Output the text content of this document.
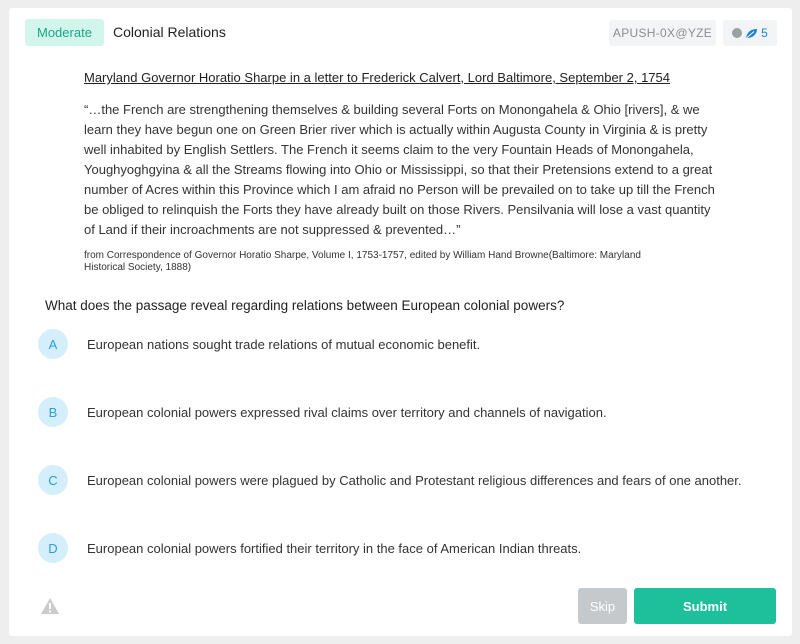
Moderate	Colonial Relations	APUSH-0X@YZE	5
Maryland Governor Horatio Sharpe in a letter to Frederick Calvert, Lord Baltimore, September 2, 1754

“…the French are strengthening themselves & building several Forts on Monongahela & Ohio [rivers], & we learn they have begun one on Green Brier river which is actually within Augusta County in Virginia & is pretty well inhabited by English Settlers. The French it seems claim to the very Fountain Heads of Monongahela, Youghyoghgyina & all the Streams flowing into Ohio or Mississippi, so that their Pretensions extend to a great number of Acres within this Province which I am afraid no Person will be prevailed on to take up till the French be obliged to relinquish the Forts they have already built on those Rivers. Pensilvania will lose a vast quantity of Land if their incroachments are not suppressed & prevented…”

from Correspondence of Governor Horatio Sharpe, Volume I, 1753-1757, edited by William Hand Browne(Baltimore: Maryland Historical Society, 1888)

What does the passage reveal regarding relations between European colonial powers?
A	European nations sought trade relations of mutual economic benefit.
B	European colonial powers expressed rival claims over territory and channels of navigation.
C	European colonial powers were plagued by Catholic and Protestant religious differences and fears of one another.
D	European colonial powers fortified their territory in the face of American Indian threats.
Skip	Submit
